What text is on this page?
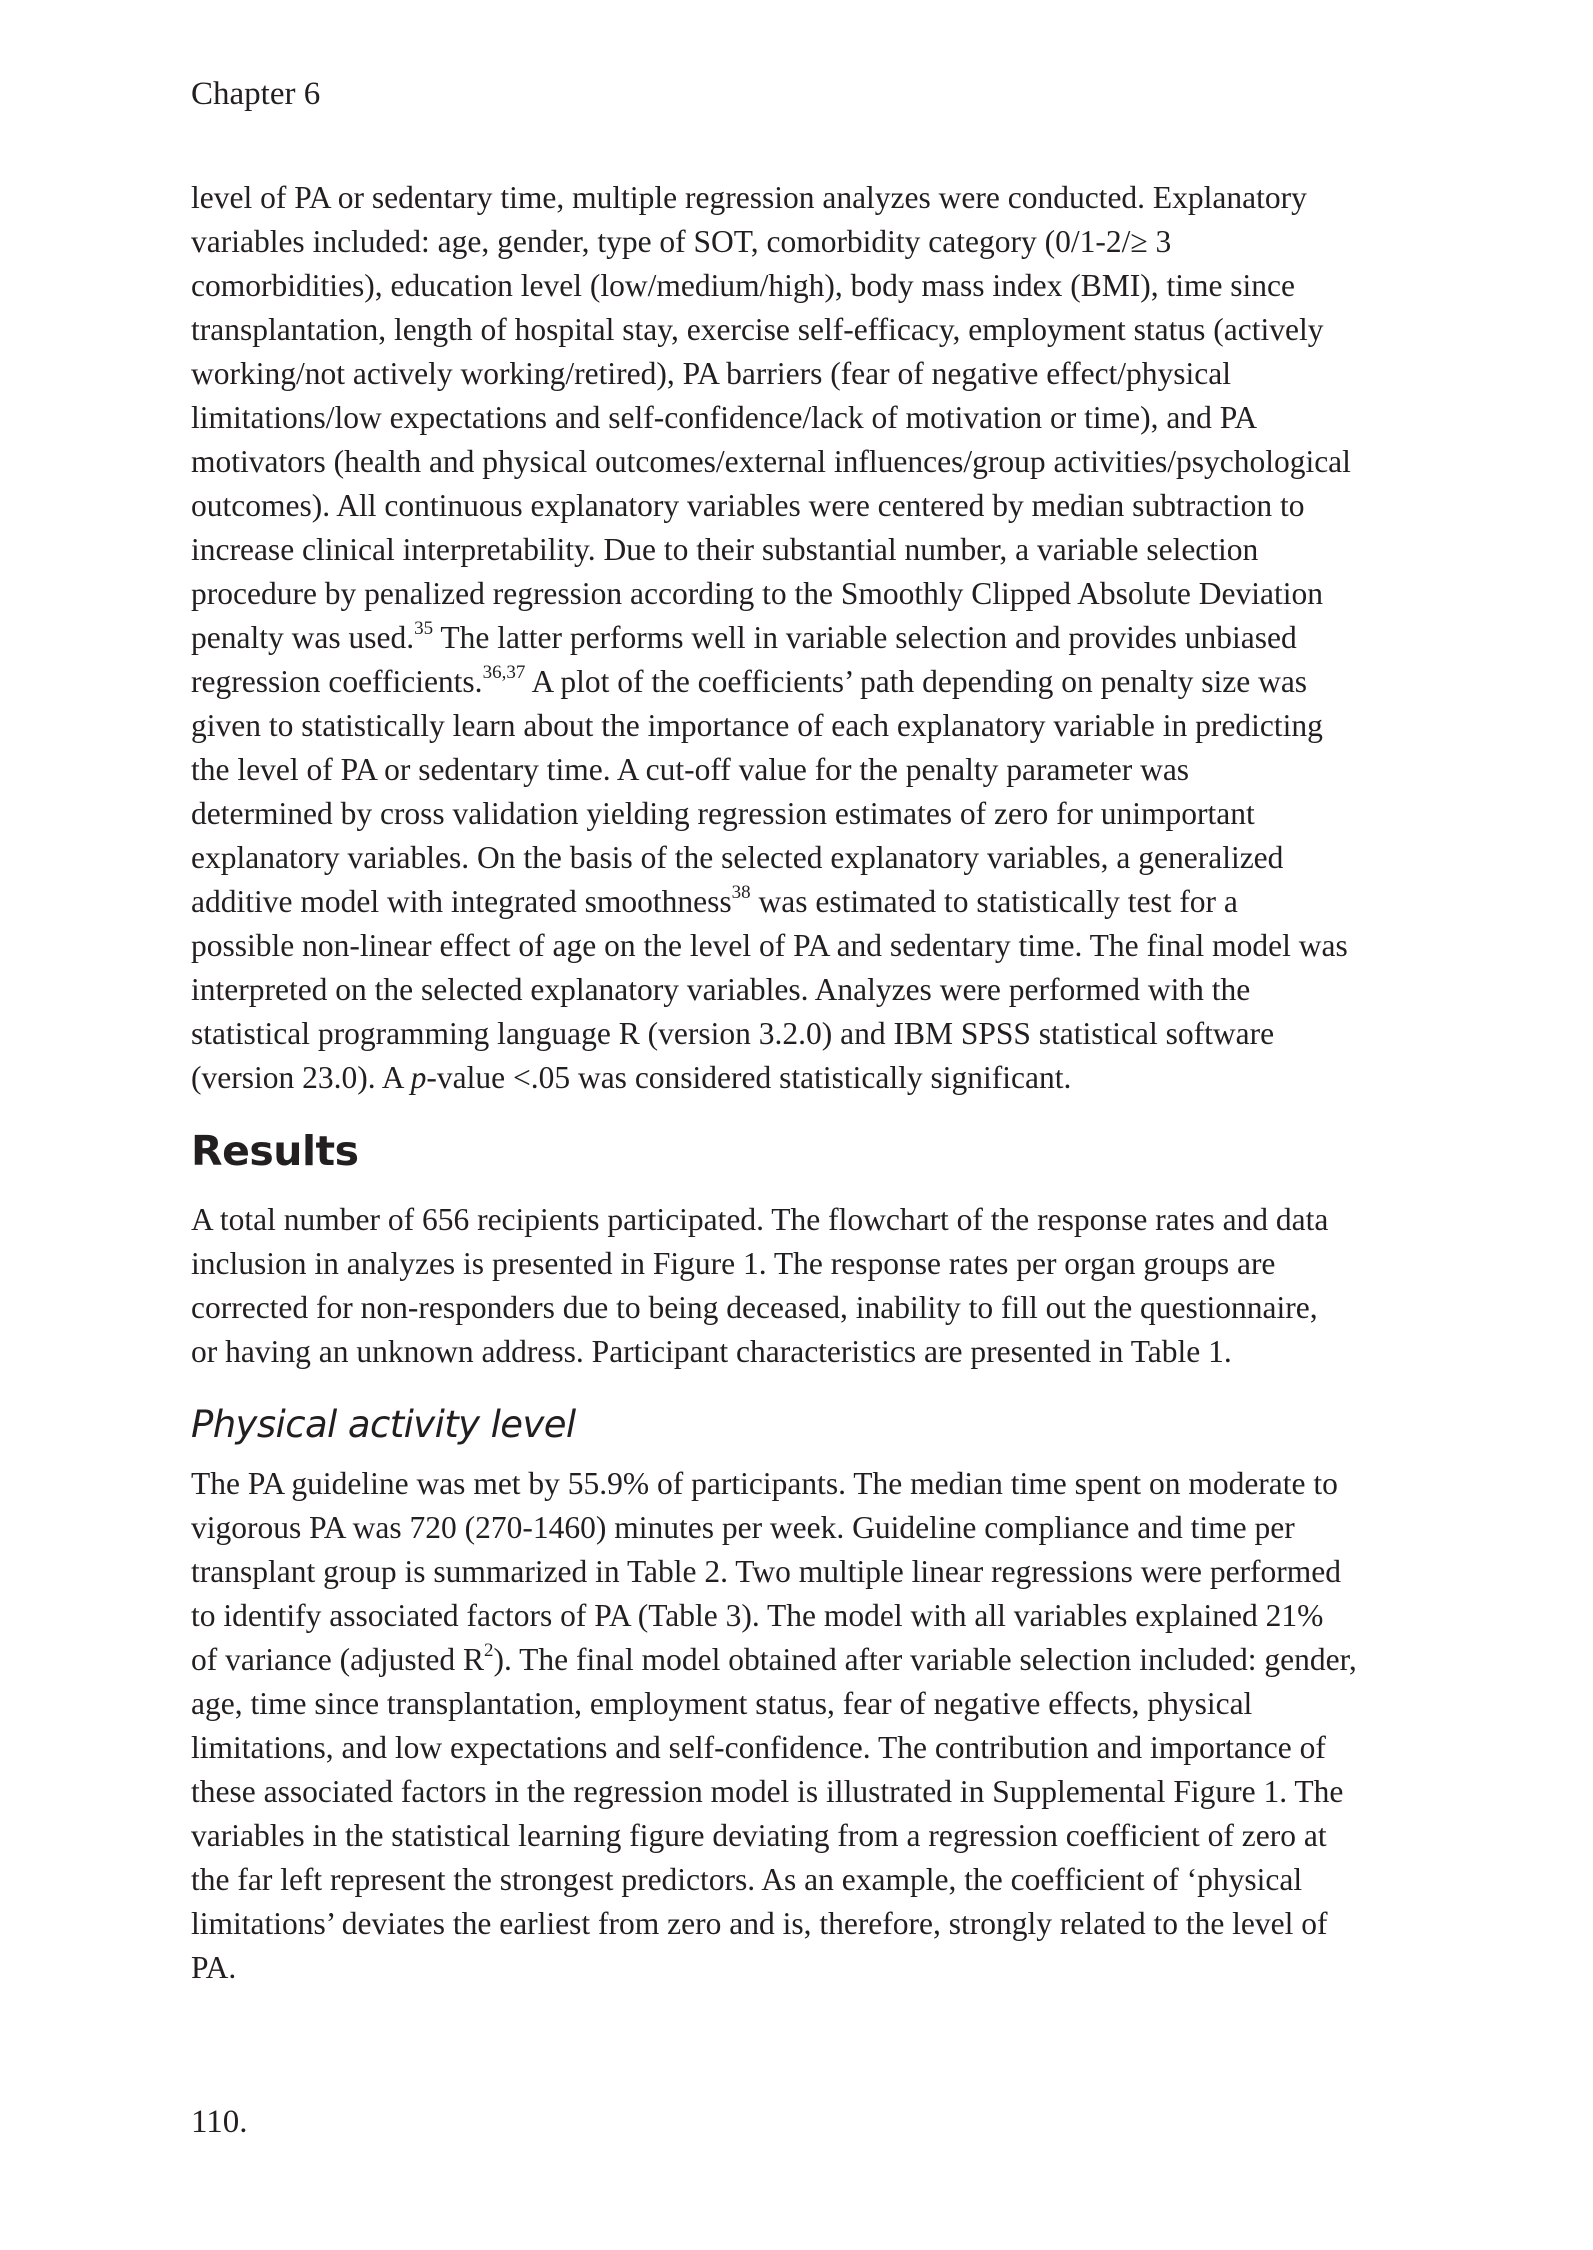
Chapter 6

level of PA or sedentary time, multiple regression analyzes were conducted. Explanatory
variables included: age, gender, type of SOT, comorbidity category (0/1-2/≥ 3
comorbidities), education level (low/medium/high), body mass index (BMI), time since
transplantation, length of hospital stay, exercise self-efficacy, employment status (actively
working/not actively working/retired), PA barriers (fear of negative effect/physical
limitations/low expectations and self-confidence/lack of motivation or time), and PA
motivators (health and physical outcomes/external influences/group activities/psychological
outcomes). All continuous explanatory variables were centered by median subtraction to
increase clinical interpretability. Due to their substantial number, a variable selection
procedure by penalized regression according to the Smoothly Clipped Absolute Deviation
penalty was used.$^{35}$ The latter performs well in variable selection and provides unbiased
regression coefficients.$^{36,37}$ A plot of the coefficients’ path depending on penalty size was
given to statistically learn about the importance of each explanatory variable in predicting
the level of PA or sedentary time. A cut-off value for the penalty parameter was
determined by cross validation yielding regression estimates of zero for unimportant
explanatory variables. On the basis of the selected explanatory variables, a generalized
additive model with integrated smoothness$^{38}$ was estimated to statistically test for a
possible non-linear effect of age on the level of PA and sedentary time. The final model was
interpreted on the selected explanatory variables. Analyzes were performed with the
statistical programming language R (version 3.2.0) and IBM SPSS statistical software
(version 23.0). A p-value <.05 was considered statistically significant.

Results

A total number of 656 recipients participated. The flowchart of the response rates and data
inclusion in analyzes is presented in Figure 1. The response rates per organ groups are
corrected for non-responders due to being deceased, inability to fill out the questionnaire,
or having an unknown address. Participant characteristics are presented in Table 1.

Physical activity level

The PA guideline was met by 55.9% of participants. The median time spent on moderate to
vigorous PA was 720 (270-1460) minutes per week. Guideline compliance and time per
transplant group is summarized in Table 2. Two multiple linear regressions were performed
to identify associated factors of PA (Table 3). The model with all variables explained 21%
of variance (adjusted $R^2$). The final model obtained after variable selection included: gender,
age, time since transplantation, employment status, fear of negative effects, physical
limitations, and low expectations and self-confidence. The contribution and importance of
these associated factors in the regression model is illustrated in Supplemental Figure 1. The
variables in the statistical learning figure deviating from a regression coefficient of zero at
the far left represent the strongest predictors. As an example, the coefficient of ‘physical
limitations’ deviates the earliest from zero and is, therefore, strongly related to the level of
PA.

110.
